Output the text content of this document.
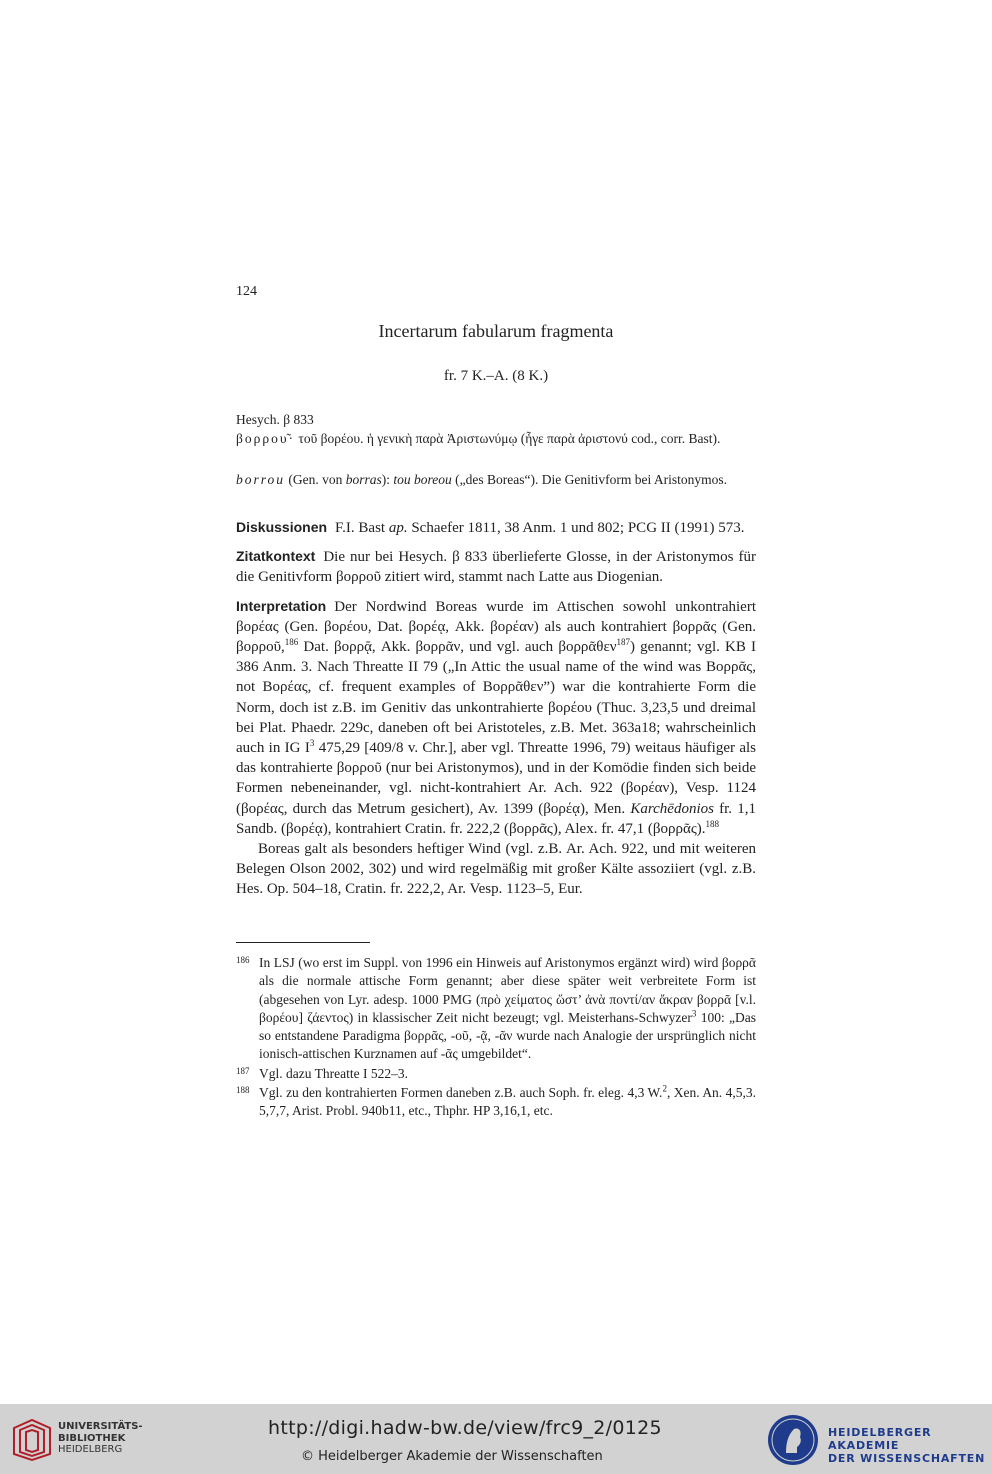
124
Incertarum fabularum fragmenta
fr. 7 K.–A. (8 K.)

Hesych. β 833

βορρου̃· τοῦ βορέου. ἡ γενικὴ παρὰ Ἀριστωνύμῳ (ἦγε παρὰ ἀριστονύ cod., corr. Bast).

borrou (Gen. von borras): tou boreou („des Boreas“). Die Genitivform bei Aristonymos.

Diskussionen F.I. Bast ap. Schaefer 1811, 38 Anm. 1 und 802; PCG II (1991) 573.

Zitatkontext Die nur bei Hesych. β 833 überlieferte Glosse, in der Aristonymos für die Genitivform βορροῦ zitiert wird, stammt nach Latte aus Diogenian.

Interpretation Der Nordwind Boreas wurde im Attischen sowohl unkontrahiert βορέας (Gen. βορέου, Dat. βορέᾳ, Akk. βορέαν) als auch kontrahiert βορρᾶς (Gen. βορροῦ,$^{186}$ Dat. βορρᾷ, Akk. βορρᾶν, und vgl. auch βορρᾶθεν$^{187}$) genannt; vgl. KB I 386 Anm. 3. Nach Threatte II 79 („In Attic the usual name of the wind was Βορρᾶς, not Βορέας, cf. frequent examples of Βορρᾶθεν”) war die kontrahierte Form die Norm, doch ist z.B. im Genitiv das unkontrahierte βορέου (Thuc. 3,23,5 und dreimal bei Plat. Phaedr. 229c, daneben oft bei Aristoteles, z.B. Met. 363a18; wahrscheinlich auch in IG $I^3$ 475,29 [409/8 v. Chr.], aber vgl. Threatte 1996, 79) weitaus häufiger als das kontrahierte βορροῦ (nur bei Aristonymos), und in der Komödie finden sich beide Formen nebeneinander, vgl. nicht-kontrahiert Ar. Ach. 922 (βορέαν), Vesp. 1124 (βορέας, durch das Metrum gesichert), Av. 1399 (βορέᾳ), Men. Karchēdonios fr. 1,1 Sandb. (βορέᾳ), kontrahiert Cratin. fr. 222,2 (βορρᾶς), Alex. fr. 47,1 (βορρᾶς).$^{188}$

Boreas galt als besonders heftiger Wind (vgl. z.B. Ar. Ach. 922, und mit weiteren Belegen Olson 2002, 302) und wird regelmäßig mit großer Kälte assoziiert (vgl. z.B. Hes. Op. 504–18, Cratin. fr. 222,2, Ar. Vesp. 1123–5, Eur.

186 In LSJ (wo erst im Suppl. von 1996 ein Hinweis auf Aristonymos ergänzt wird) wird βορρᾶ als die normale attische Form genannt; aber diese später weit verbreitete Form ist (abgesehen von Lyr. adesp. 1000 PMG (πρὸ χείματος ὥστ’ ἀνὰ ποντί/αν ἄκραν βορρᾶ [v.l. βορέου] ζάεντος) in klassischer Zeit nicht bezeugt; vgl. Meisterhans-Schwyzer$^3$ 100: „Das so entstandene Paradigma βορρᾶς, -οῦ, -ᾷ, -ᾶν wurde nach Analogie der ursprünglich nicht ionisch-attischen Kurznamen auf -ᾶς umgebildet“.

187 Vgl. dazu Threatte I 522–3.

188 Vgl. zu den kontrahierten Formen daneben z.B. auch Soph. fr. eleg. 4,3 W.$^2$, Xen. An. 4,5,3. 5,7,7, Arist. Probl. 940b11, etc., Thphr. HP 3,16,1, etc.

UNIVERSITÄTS-
BIBLIOTHEK
HEIDELBERG
http://digi.hadw-bw.de/view/frc9_2/0125
© Heidelberger Akademie der Wissenschaften
HEIDELBERGER AKADEMIE
DER WISSENSCHAFTEN
